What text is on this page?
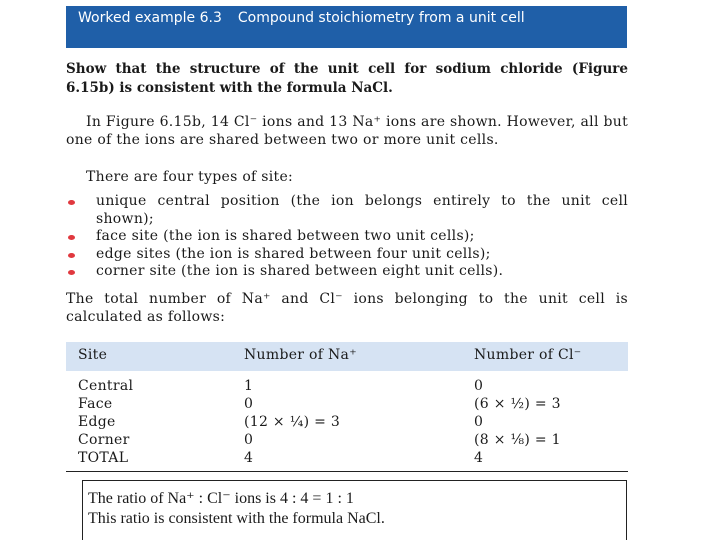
Worked example 6.3 Compound stoichiometry from a unit cell
Show that the structure of the unit cell for sodium chloride (Figure 6.15b) is consistent with the formula NaCl.
In Figure 6.15b, 14 Cl⁻ ions and 13 Na⁺ ions are shown. However, all but one of the ions are shared between two or more unit cells.
There are four types of site:
unique central position (the ion belongs entirely to the unit cell shown);
face site (the ion is shared between two unit cells);
edge sites (the ion is shared between four unit cells);
corner site (the ion is shared between eight unit cells).
The total number of Na⁺ and Cl⁻ ions belonging to the unit cell is calculated as follows:
Site	Number of Na⁺	Number of Cl⁻
Central	1	0
Face	0	(6 × ½) = 3
Edge	(12 × ¼) = 3	0
Corner	0	(8 × ⅛) = 1
TOTAL	4	4
The ratio of Na⁺ : Cl⁻ ions is 4 : 4 = 1 : 1
This ratio is consistent with the formula NaCl.
